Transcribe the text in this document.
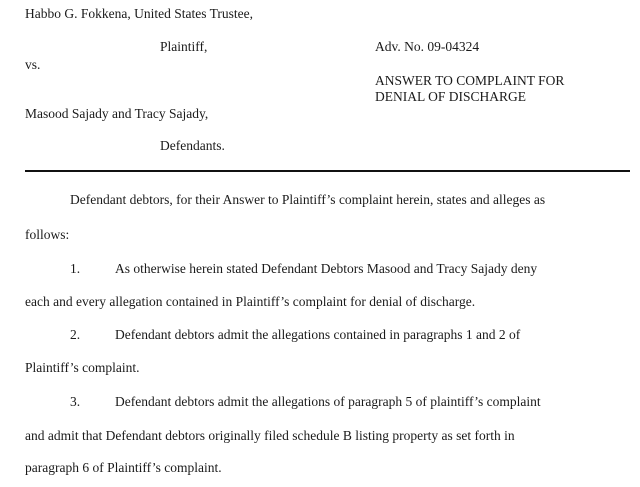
Habbo G. Fokkena, United States Trustee,
Plaintiff,	Adv. No. 09-04324
vs.
ANSWER TO COMPLAINT FOR
DENIAL OF DISCHARGE
Masood Sajady and Tracy Sajady,
Defendants.
Defendant debtors, for their Answer to Plaintiff’s complaint herein, states and alleges as
follows:
1.	As otherwise herein stated Defendant Debtors Masood and Tracy Sajady deny
each and every allegation contained in Plaintiff’s complaint for denial of discharge.
2.	Defendant debtors admit the allegations contained in paragraphs 1 and 2 of
Plaintiff’s complaint.
3.	Defendant debtors admit the allegations of paragraph 5 of plaintiff’s complaint
and admit that Defendant debtors originally filed schedule B listing property as set forth in
paragraph 6 of Plaintiff’s complaint.
